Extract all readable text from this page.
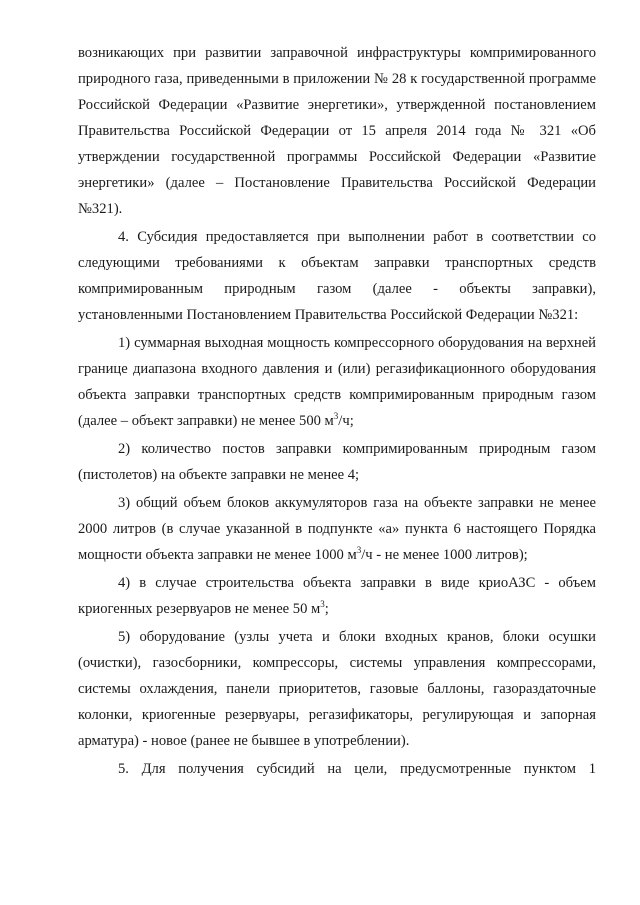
возникающих при развитии заправочной инфраструктуры компримированного природного газа, приведенными в приложении № 28 к государственной программе Российской Федерации «Развитие энергетики», утвержденной постановлением Правительства Российской Федерации от 15 апреля 2014 года № 321 «Об утверждении государственной программы Российской Федерации «Развитие энергетики» (далее – Постановление Правительства Российской Федерации №321).

4. Субсидия предоставляется при выполнении работ в соответствии со следующими требованиями к объектам заправки транспортных средств компримированным природным газом (далее - объекты заправки), установленными Постановлением Правительства Российской Федерации №321:

1) суммарная выходная мощность компрессорного оборудования на верхней границе диапазона входного давления и (или) регазификационного оборудования объекта заправки транспортных средств компримированным природным газом (далее – объект заправки) не менее 500 $м^3/ч$;

2) количество постов заправки компримированным природным газом (пистолетов) на объекте заправки не менее 4;

3) общий объем блоков аккумуляторов газа на объекте заправки не менее 2000 литров (в случае указанной в подпункте «а» пункта 6 настоящего Порядка мощности объекта заправки не менее 1000 $м^3/ч$ - не менее 1000 литров);

4) в случае строительства объекта заправки в виде криоАЗС - объем криогенных резервуаров не менее 50 $м^3$;

5) оборудование (узлы учета и блоки входных кранов, блоки осушки (очистки), газосборники, компрессоры, системы управления компрессорами, системы охлаждения, панели приоритетов, газовые баллоны, газораздаточные колонки, криогенные резервуары, регазификаторы, регулирующая и запорная арматура) - новое (ранее не бывшее в употреблении).

5. Для получения субсидий на цели, предусмотренные пунктом 1
